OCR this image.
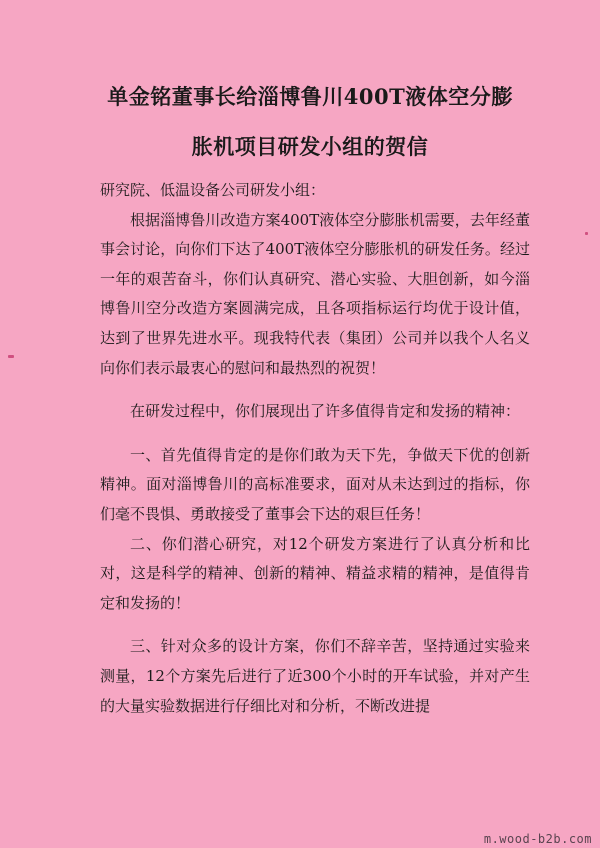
单金铭董事长给淄博鲁川400T液体空分膨
胀机项目研发小组的贺信

研究院、低温设备公司研发小组：

根据淄博鲁川改造方案400T液体空分膨胀机需要，去年经董事会讨论，向你们下达了400T液体空分膨胀机的研发任务。经过一年的艰苦奋斗，你们认真研究、潜心实验、大胆创新，如今淄博鲁川空分改造方案圆满完成，且各项指标运行均优于设计值，达到了世界先进水平。现我特代表（集团）公司并以我个人名义向你们表示最衷心的慰问和最热烈的祝贺！

在研发过程中，你们展现出了许多值得肯定和发扬的精神：

一、首先值得肯定的是你们敢为天下先，争做天下优的创新精神。面对淄博鲁川的高标准要求，面对从未达到过的指标，你们毫不畏惧、勇敢接受了董事会下达的艰巨任务！

二、你们潜心研究，对12个研发方案进行了认真分析和比对，这是科学的精神、创新的精神、精益求精的精神，是值得肯定和发扬的！

三、针对众多的设计方案，你们不辞辛苦，坚持通过实验来测量，12个方案先后进行了近300个小时的开车试验，并对产生的大量实验数据进行仔细比对和分析，不断改进提

m.wood-b2b.com
